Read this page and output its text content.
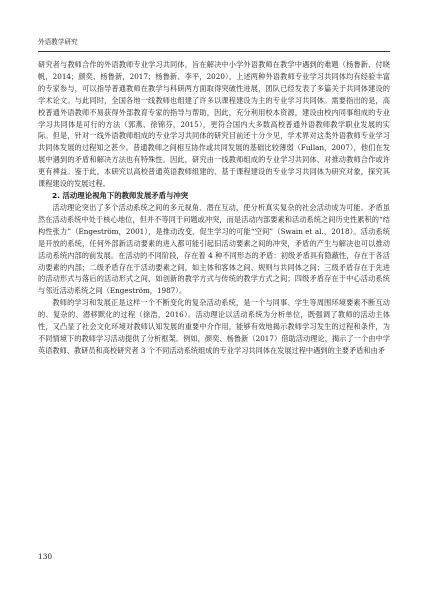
外语教学研究

研究者与教师合作的外语教师专业学习共同体，旨在解决中小学外语教师在教学中遇到的难题（杨鲁新、付晓帆，2014；颜奕、杨鲁新，2017；杨鲁新、李平，2020）。上述两种外语教师专业学习共同体均有经验丰富的专家参与，可以指导普通教师在教学与科研两方面取得突破性进展，团队已经发表了多篇关于共同体建设的学术论文。与此同时，全国各地一线教师也组建了许多以课程建设为主的专业学习共同体。需要指出的是，高校普通外语教师不易获得外部教育专家的指导与帮助，因此，充分利用校本资源，建设由校内同事组成的专业学习共同体是可行的方法（郭燕、徐锦芬，2015），更符合国内大多数高校普通外语教师教学职业发展的实际。但是，针对一线外语教师组成的专业学习共同体的研究目前还十分少见，学术界对这类外语教师专业学习共同体发展的过程知之甚少。普通教师之间相互协作或共同发展的基础比较薄弱（Fullan，2007），他们在发展中遇到的矛盾和解决方法也有特殊性。因此，研究由一线教师组成的专业学习共同体、对推动教师合作或许更有裨益。鉴于此，本研究以高校普通英语教师组建的、基于课程建设的专业学习共同体为研究对象，探究其课程建设的发展过程。

2. 活动理论视角下的教师发展矛盾与冲突

活动理论突出了多个活动系统之间的多元视角、潜在互动，使分析真实复杂的社会活动成为可能。矛盾虽然在活动系统中处于核心地位，但并不等同于问题或冲突，而是活动内部要素和活动系统之间历史性累积的“结构性张力”（Engeström，2001），是推动改变、促生学习的可能“空间”（Swain et al.，2018）。活动系统是开放的系统，任何外部新活动要素的进入都可能引起旧活动要素之间的冲突，矛盾的产生与解决也可以推动活动系统内部的前发展。在活动的不同阶段，存在着 4 种不同形态的矛盾：初级矛盾具有隐蔽性，存在于各活动要素的内部；二级矛盾存在于活动要素之间，如主体和客体之间、规则与共同体之间；三级矛盾存在于先进的活动形式与落后的活动形式之间，如创新的教学方式与传统的教学方式之间；四级矛盾存在于中心活动系统与邻近活动系统之间（Engeström，1987）。

教师的学习和发展正是这样一个不断变化的复杂活动系统，是一个与同事、学生等周围环境要素不断互动的、复杂的、潜移默化的过程（徐浩，2016）。活动理论以活动系统为分析单位，既强调了教师的活动主体性，又凸显了社会文化环境对教师认知发展的重要中介作用，能够有效地揭示教师学习发生的过程和条件，为不同情境下的教师学习活动提供了分析框架。例如，颜奕、杨鲁新（2017）借助活动理论，揭示了一个由中学英语教师、教研员和高校研究者 3 个不同活动系统组成的专业学习共同体在发展过程中遇到的主要矛盾和由矛

130
